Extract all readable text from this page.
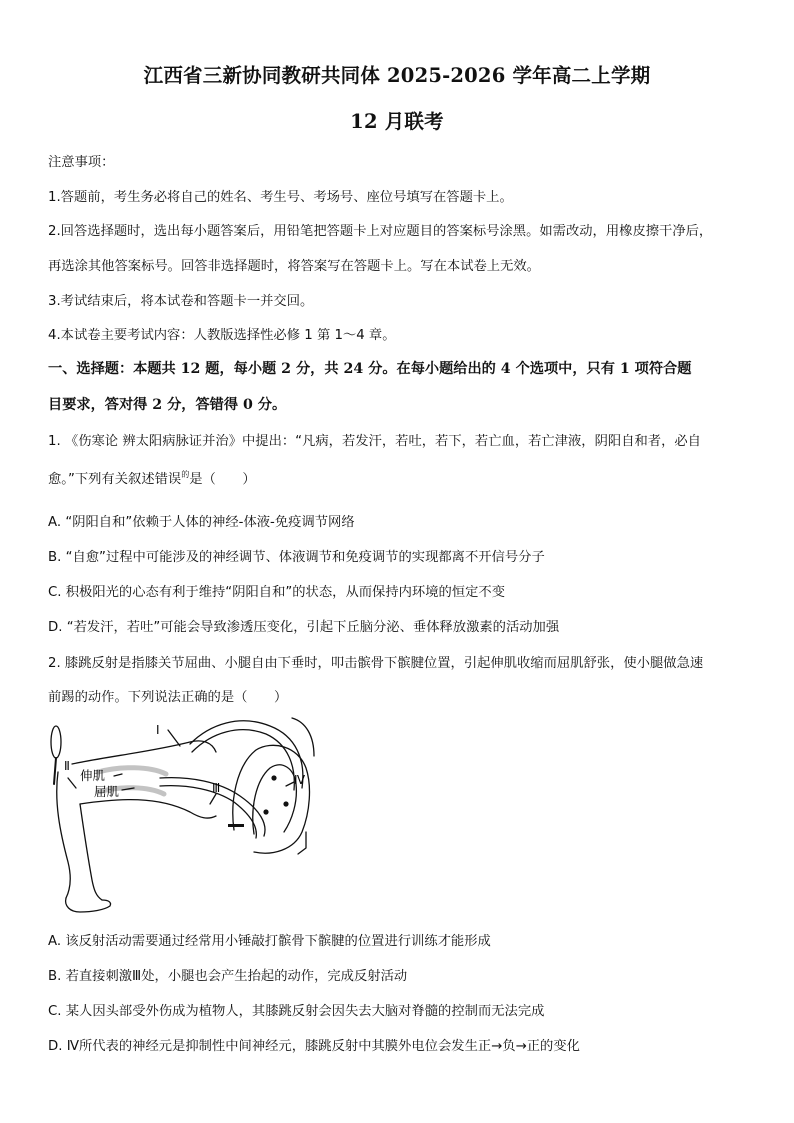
江西省三新协同教研共同体 2025-2026 学年高二上学期
12 月联考
注意事项：
1.答题前，考生务必将自己的姓名、考生号、考场号、座位号填写在答题卡上。
2.回答选择题时，选出每小题答案后，用铅笔把答题卡上对应题目的答案标号涂黑。如需改动，用橡皮擦干净后，
再选涂其他答案标号。回答非选择题时，将答案写在答题卡上。写在本试卷上无效。
3.考试结束后，将本试卷和答题卡一并交回。
4.本试卷主要考试内容：人教版选择性必修 1 第 1～4 章。
一、选择题：本题共 12 题，每小题 2 分，共 24 分。在每小题给出的 4 个选项中，只有 1 项符合题
目要求，答对得 2 分，答错得 0 分。
1. 《伤寒论 辨太阳病脉证并治》中提出：“凡病，若发汗，若吐，若下，若亡血，若亡津液，阴阳自和者，必自
愈。”下列有关叙述错误$^的$是（　　）
A. “阴阳自和”依赖于人体的神经-体液-免疫调节网络
B. “自愈”过程中可能涉及的神经调节、体液调节和免疫调节的实现都离不开信号分子
C. 积极阳光的心态有利于维持“阴阳自和”的状态，从而保持内环境的恒定不变
D. “若发汗，若吐”可能会导致渗透压变化，引起下丘脑分泌、垂体释放激素的活动加强
2. 膝跳反射是指膝关节屈曲、小腿自由下垂时，叩击髌骨下髌腱位置，引起伸肌收缩而屈肌舒张，使小腿做急速
前踢的动作。下列说法正确的是（　　）
Ⅰ
Ⅱ
Ⅲ
Ⅳ
伸肌
屈肌
A. 该反射活动需要通过经常用小锤敲打髌骨下髌腱的位置进行训练才能形成
B. 若直接刺激Ⅲ处，小腿也会产生抬起的动作，完成反射活动
C. 某人因头部受外伤成为植物人，其膝跳反射会因失去大脑对脊髓的控制而无法完成
D. Ⅳ所代表的神经元是抑制性中间神经元，膝跳反射中其膜外电位会发生正→负→正的变化
